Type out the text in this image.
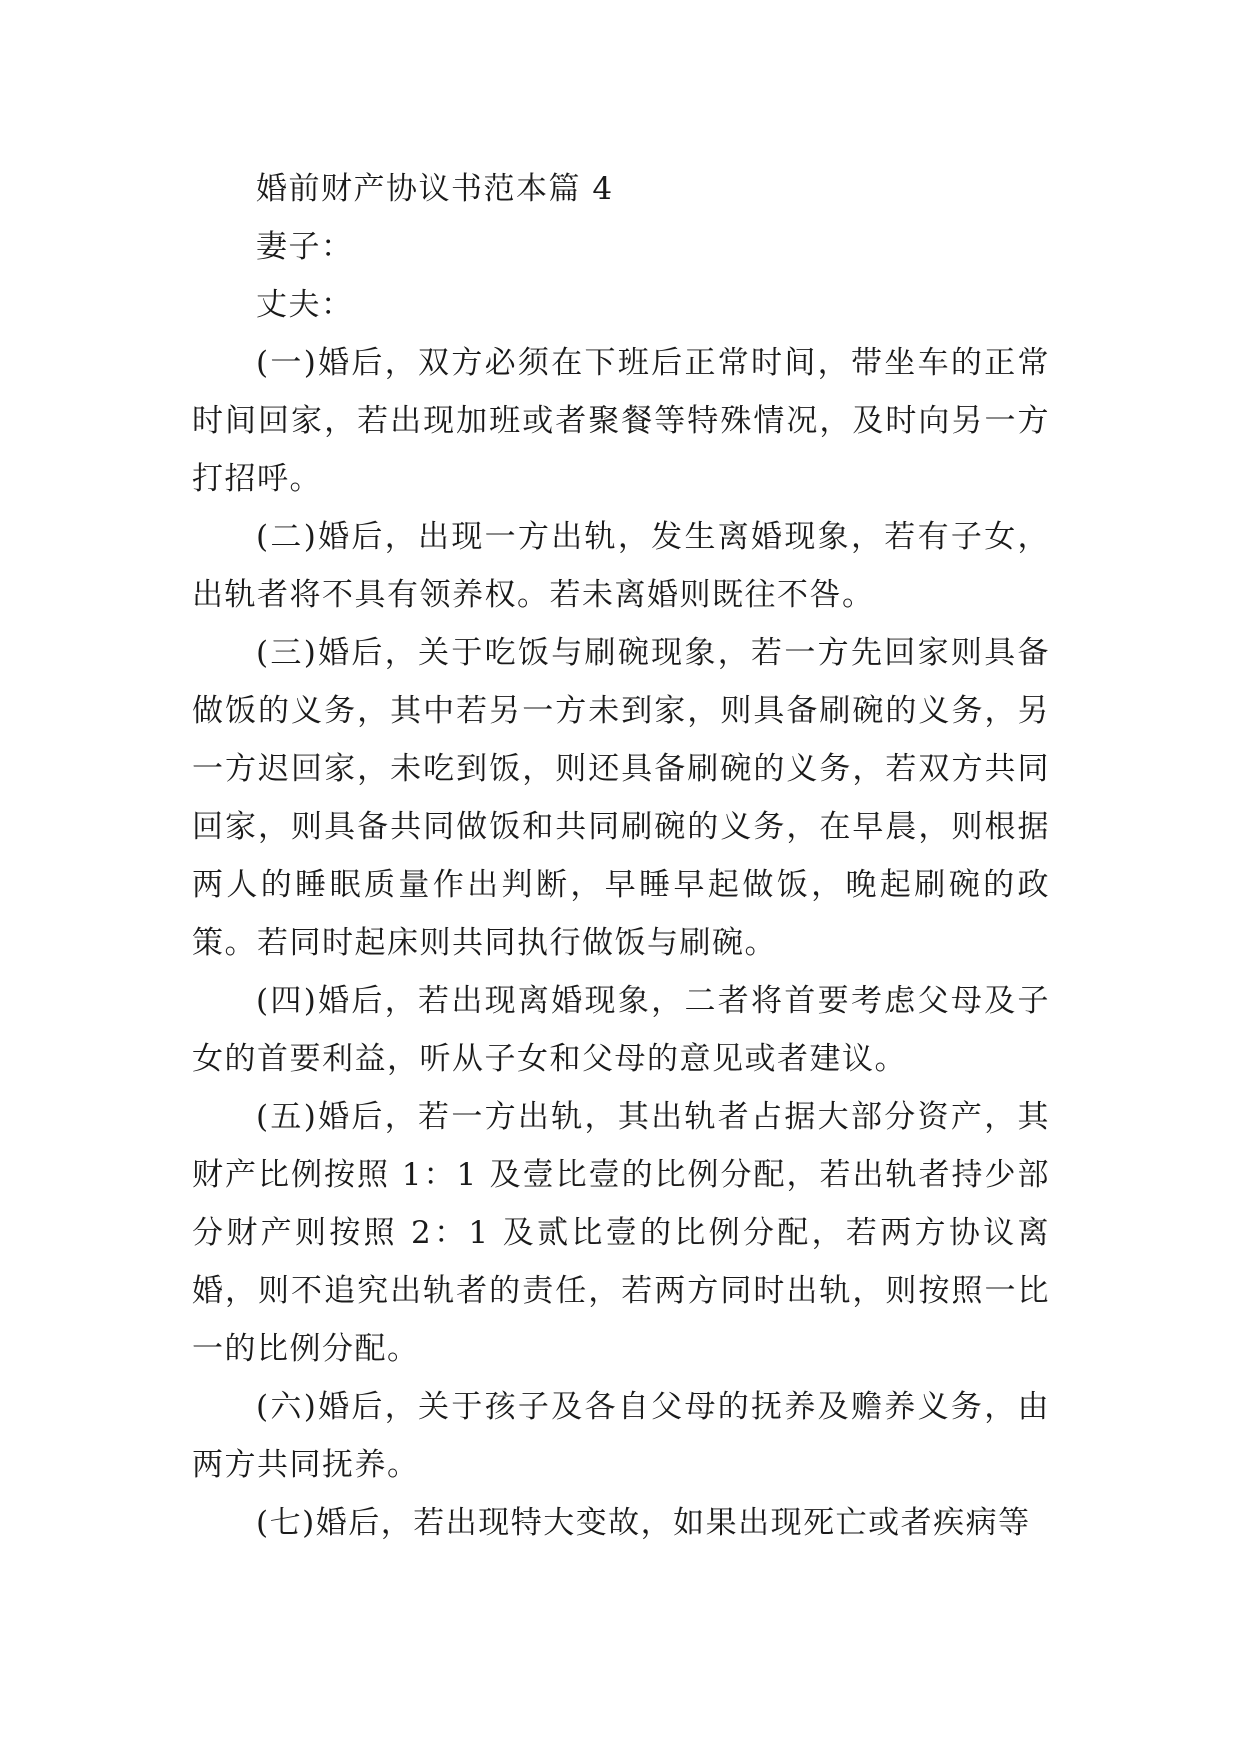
婚前财产协议书范本篇 4

妻子：

丈夫：

(一)婚后，双方必须在下班后正常时间，带坐车的正常时间回家，若出现加班或者聚餐等特殊情况，及时向另一方打招呼。

(二)婚后，出现一方出轨，发生离婚现象，若有子女，出轨者将不具有领养权。若未离婚则既往不咎。

(三)婚后，关于吃饭与刷碗现象，若一方先回家则具备做饭的义务，其中若另一方未到家，则具备刷碗的义务，另一方迟回家，未吃到饭，则还具备刷碗的义务，若双方共同回家，则具备共同做饭和共同刷碗的义务，在早晨，则根据两人的睡眠质量作出判断，早睡早起做饭，晚起刷碗的政策。若同时起床则共同执行做饭与刷碗。

(四)婚后，若出现离婚现象，二者将首要考虑父母及子女的首要利益，听从子女和父母的意见或者建议。

(五)婚后，若一方出轨，其出轨者占据大部分资产，其财产比例按照 1：1 及壹比壹的比例分配，若出轨者持少部分财产则按照 2：1 及贰比壹的比例分配，若两方协议离婚，则不追究出轨者的责任，若两方同时出轨，则按照一比一的比例分配。

(六)婚后，关于孩子及各自父母的抚养及赡养义务，由两方共同抚养。

(七)婚后，若出现特大变故，如果出现死亡或者疾病等
